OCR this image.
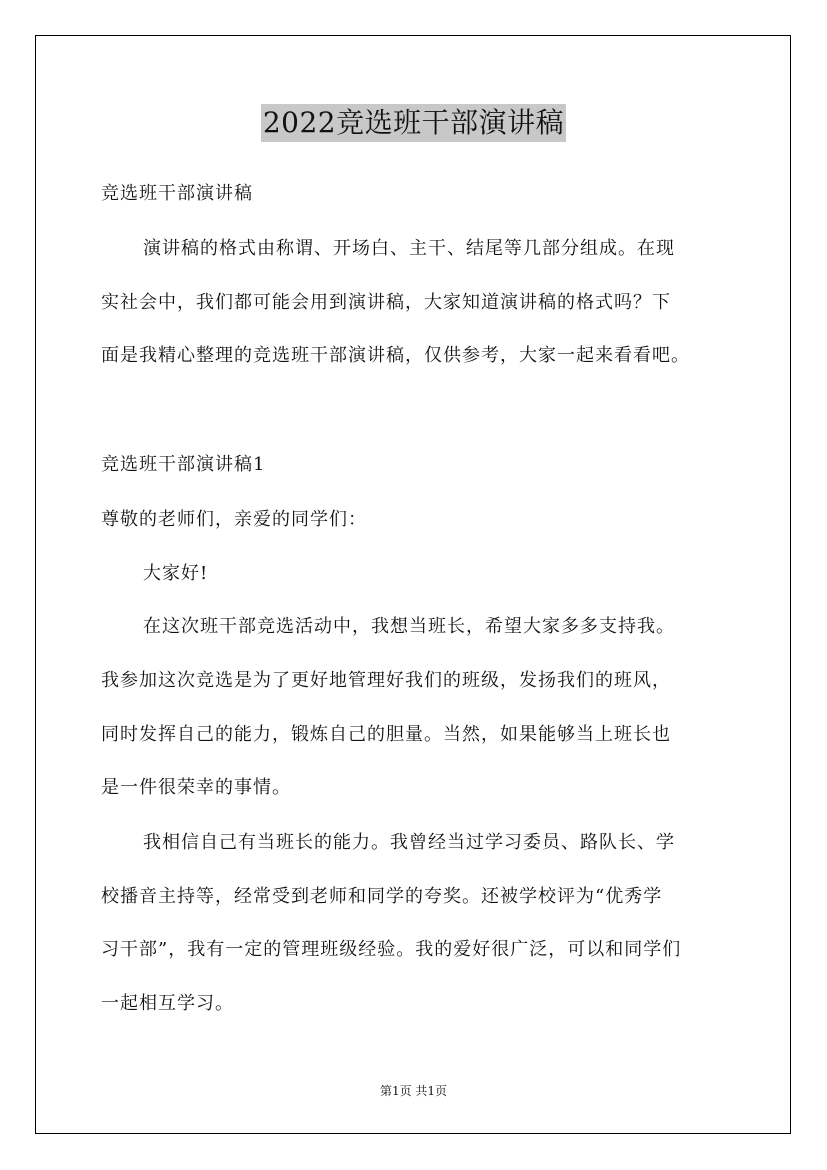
2022竞选班干部演讲稿
竞选班干部演讲稿
演讲稿的格式由称谓、开场白、主干、结尾等几部分组成。在现
实社会中，我们都可能会用到演讲稿，大家知道演讲稿的格式吗？下
面是我精心整理的竞选班干部演讲稿，仅供参考，大家一起来看看吧。
竞选班干部演讲稿1
尊敬的老师们，亲爱的同学们：
大家好!
在这次班干部竞选活动中，我想当班长，希望大家多多支持我。
我参加这次竞选是为了更好地管理好我们的班级，发扬我们的班风，
同时发挥自己的能力，锻炼自己的胆量。当然，如果能够当上班长也
是一件很荣幸的事情。
我相信自己有当班长的能力。我曾经当过学习委员、路队长、学
校播音主持等，经常受到老师和同学的夸奖。还被学校评为“优秀学
习干部”，我有一定的管理班级经验。我的爱好很广泛，可以和同学们
一起相互学习。
第1页 共1页
